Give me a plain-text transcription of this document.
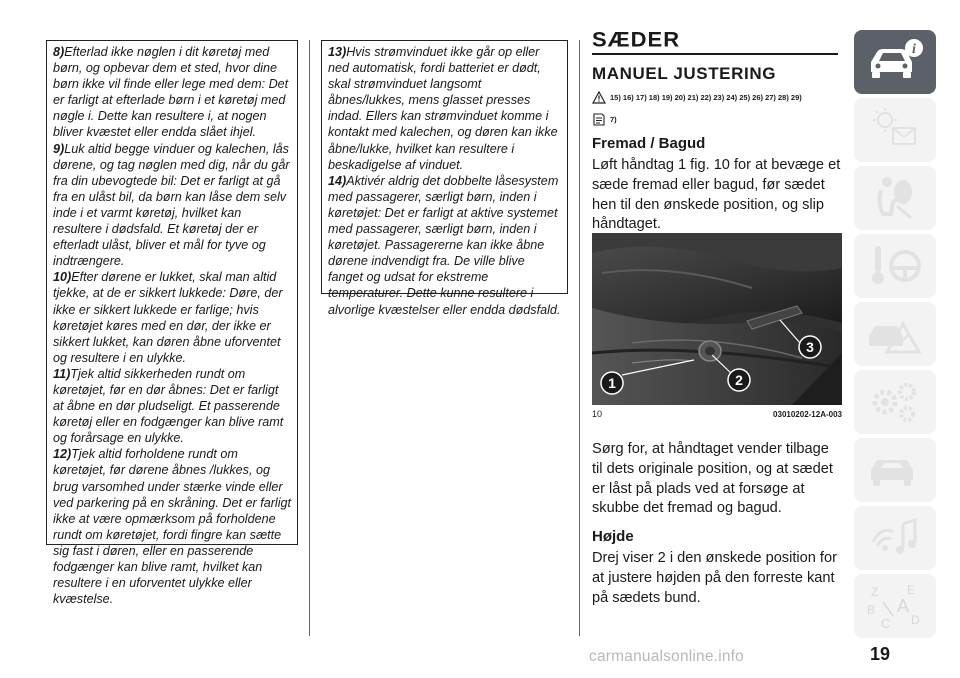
8)Efterlad ikke nøglen i dit køretøj med børn, og opbevar dem et sted, hvor dine børn ikke vil finde eller lege med dem: Det er farligt at efterlade børn i et køretøj med nøgle i. Dette kan resultere i, at nogen bliver kvæstet eller endda slået ihjel.

9)Luk altid begge vinduer og kalechen, lås dørene, og tag nøglen med dig, når du går fra din ubevogtede bil: Det er farligt at gå fra en ulåst bil, da børn kan låse dem selv inde i et varmt køretøj, hvilket kan resultere i dødsfald. Et køretøj der er efterladt ulåst, bliver et mål for tyve og indtrængere.

10)Efter dørene er lukket, skal man altid tjekke, at de er sikkert lukkede: Døre, der ikke er sikkert lukkede er farlige; hvis køretøjet køres med en dør, der ikke er sikkert lukket, kan døren åbne uforventet og resultere i en ulykke.

11)Tjek altid sikkerheden rundt om køretøjet, før en dør åbnes: Det er farligt at åbne en dør pludseligt. Et passerende køretøj eller en fodgænger kan blive ramt og forårsage en ulykke.

12)Tjek altid forholdene rundt om køretøjet, før dørene åbnes /lukkes, og brug varsomhed under stærke vinde eller ved parkering på en skråning. Det er farligt ikke at være opmærksom på forholdene rundt om køretøjet, fordi fingre kan sætte sig fast i døren, eller en passerende fodgænger kan blive ramt, hvilket kan resultere i en uforventet ulykke eller kvæstelse.

13)Hvis strømvinduet ikke går op eller ned automatisk, fordi batteriet er dødt, skal strømvinduet langsomt åbnes/lukkes, mens glasset presses indad. Ellers kan strømvinduet komme i kontakt med kalechen, og døren kan ikke åbne/lukke, hvilket kan resultere i beskadigelse af vinduet.

14)Aktivér aldrig det dobbelte låsesystem med passagerer, særligt børn, inden i køretøjet: Det er farligt at aktive systemet med passagerer, særligt børn, inden i køretøjet. Passagererne kan ikke åbne dørene indvendigt fra. De ville blive fanget og udsat for ekstreme temperaturer. Dette kunne resultere i alvorlige kvæstelser eller endda dødsfald.

SÆDER
MANUEL JUSTERING
15) 16) 17) 18) 19) 20) 21) 22) 23) 24) 25) 26) 27) 28) 29)
7)
Fremad / Bagud

Løft håndtag 1 fig. 10 for at bevæge et sæde fremad eller bagud, før sædet hen til den ønskede position, og slip håndtaget.

1	2
3
10	03010202-12A-003

Sørg for, at håndtaget vender tilbage til dets originale position, og at sædet er låst på plads ved at forsøge at skubbe det fremad og bagud.

Højde

Drej viser 2 i den ønskede position for at justere højden på den forreste kant på sædets bund.

i
Z E
B A
C D
19
carmanualsonline.info
